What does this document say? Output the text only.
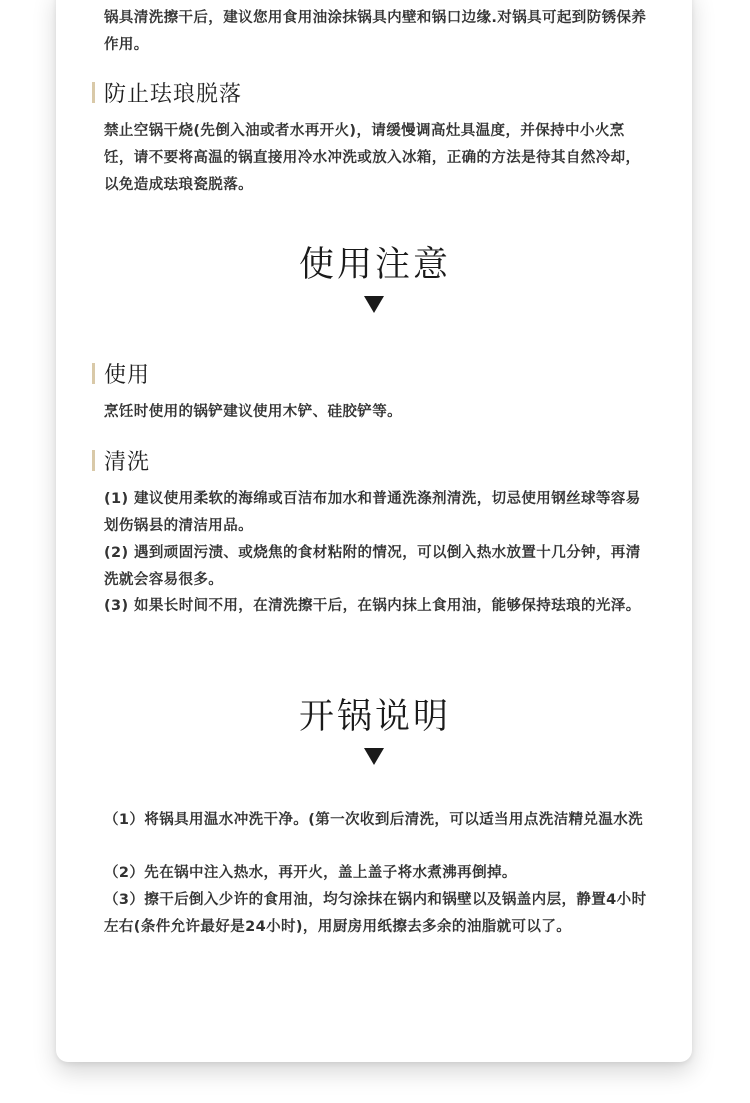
锅具清洗擦干后，建议您用食用油涂抹锅具内壁和锅口边缘.对锅具可起到防锈保养作用。

防止珐琅脱落

禁止空锅干烧(先倒入油或者水再开火)，请缓慢调高灶具温度，并保持中小火烹饪，请不要将高温的锅直接用冷水冲洗或放入冰箱，正确的方法是待其自然冷却，以免造成珐琅瓷脱落。

使用注意
使用

烹饪时使用的锅铲建议使用木铲、硅胶铲等。

清洗

(1) 建议使用柔软的海绵或百洁布加水和普通洗涤剂清洗，切忌使用钢丝球等容易划伤锅县的清洁用品。

(2) 遇到顽固污渍、或烧焦的食材粘附的情况，可以倒入热水放置十几分钟，再清洗就会容易很多。

(3) 如果长时间不用，在清洗擦干后，在锅内抹上食用油，能够保持珐琅的光泽。

开锅说明

（1）将锅具用温水冲洗干净。(第一次收到后清洗，可以适当用点洗洁精兑温水洗

（2）先在锅中注入热水，再开火，盖上盖子将水煮沸再倒掉。

（3）擦干后倒入少许的食用油，均匀涂抹在锅内和锅壁以及锅盖内层，静置4小时左右(条件允许最好是24小时)，用厨房用纸擦去多余的油脂就可以了。
